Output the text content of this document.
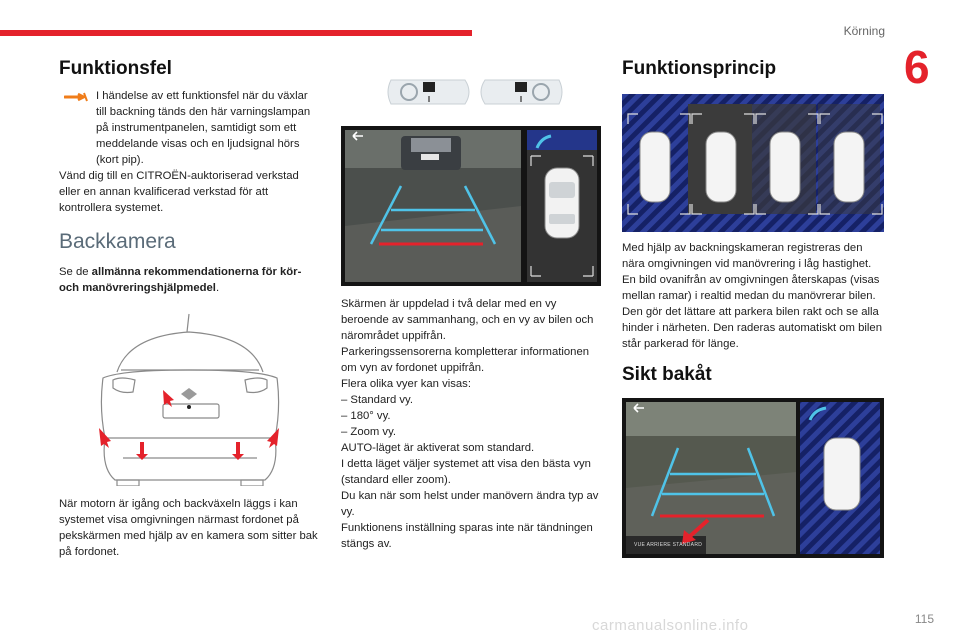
Körning
6
Funktionsfel

I händelse av ett funktionsfel när du växlar till backning tänds den här varningslampan på instrumentpanelen, samtidigt som ett meddelande visas och en ljudsignal hörs (kort pip).

Vänd dig till en CITROËN-auktoriserad verkstad eller en annan kvalificerad verkstad för att kontrollera systemet.

Backkamera

Se de allmänna rekommendationerna för kör- och manövreringshjälpmedel.

När motorn är igång och backväxeln läggs i kan systemet visa omgivningen närmast fordonet på pekskärmen med hjälp av en kamera som sitter bak på fordonet.

Skärmen är uppdelad i två delar med en vy beroende av sammanhang, och en vy av bilen och närområdet uppifrån.

Parkeringssensorerna kompletterar informationen om vyn av fordonet uppifrån.

Flera olika vyer kan visas:

– Standard vy.

– 180° vy.

– Zoom vy.

AUTO-läget är aktiverat som standard.

I detta läget väljer systemet att visa den bästa vyn (standard eller zoom).

Du kan när som helst under manövern ändra typ av vy.

Funktionens inställning sparas inte när tändningen stängs av.

Funktionsprincip

Med hjälp av backningskameran registreras den nära omgivningen vid manövrering i låg hastighet.

En bild ovanifrån av omgivningen återskapas (visas mellan ramar) i realtid medan du manövrerar bilen.

Den gör det lättare att parkera bilen rakt och se alla hinder i närheten. Den raderas automatiskt om bilen står parkerad för länge.

Sikt bakåt
VUE ARRIERE STANDARD
carmanualsonline.info	115
